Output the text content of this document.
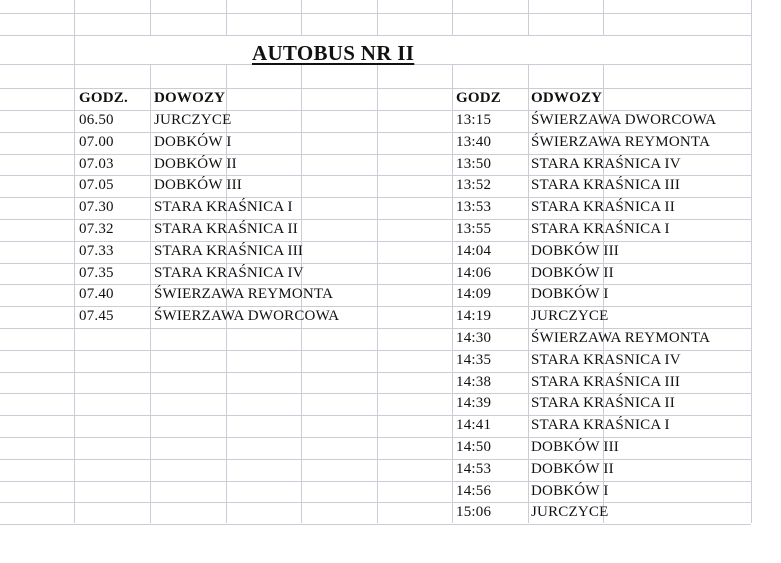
AUTOBUS NR II
GODZ. DOWOZY	GODZ ODWOZY
06.50	JURCZYCE
07.00	DOBKÓW I
07.03	DOBKÓW II
07.05	DOBKÓW III
07.30	STARA KRAŚNICA I
07.32	STARA KRAŚNICA II
07.33	STARA KRAŚNICA III
07.35	STARA KRAŚNICA IV
07.40	ŚWIERZAWA REYMONTA
07.45	ŚWIERZAWA DWORCOWA
13:15	ŚWIERZAWA DWORCOWA
13:40	ŚWIERZAWA REYMONTA
13:50	STARA KRAŚNICA IV
13:52	STARA KRAŚNICA III
13:53	STARA KRAŚNICA II
13:55	STARA KRAŚNICA I
14:04	DOBKÓW III
14:06	DOBKÓW II
14:09	DOBKÓW I
14:19	JURCZYCE
14:30	ŚWIERZAWA REYMONTA
14:35	STARA KRASNICA IV
14:38	STARA KRAŚNICA III
14:39	STARA KRAŚNICA II
14:41	STARA KRAŚNICA I
14:50	DOBKÓW III
14:53	DOBKÓW II
14:56	DOBKÓW I
15:06	JURCZYCE
